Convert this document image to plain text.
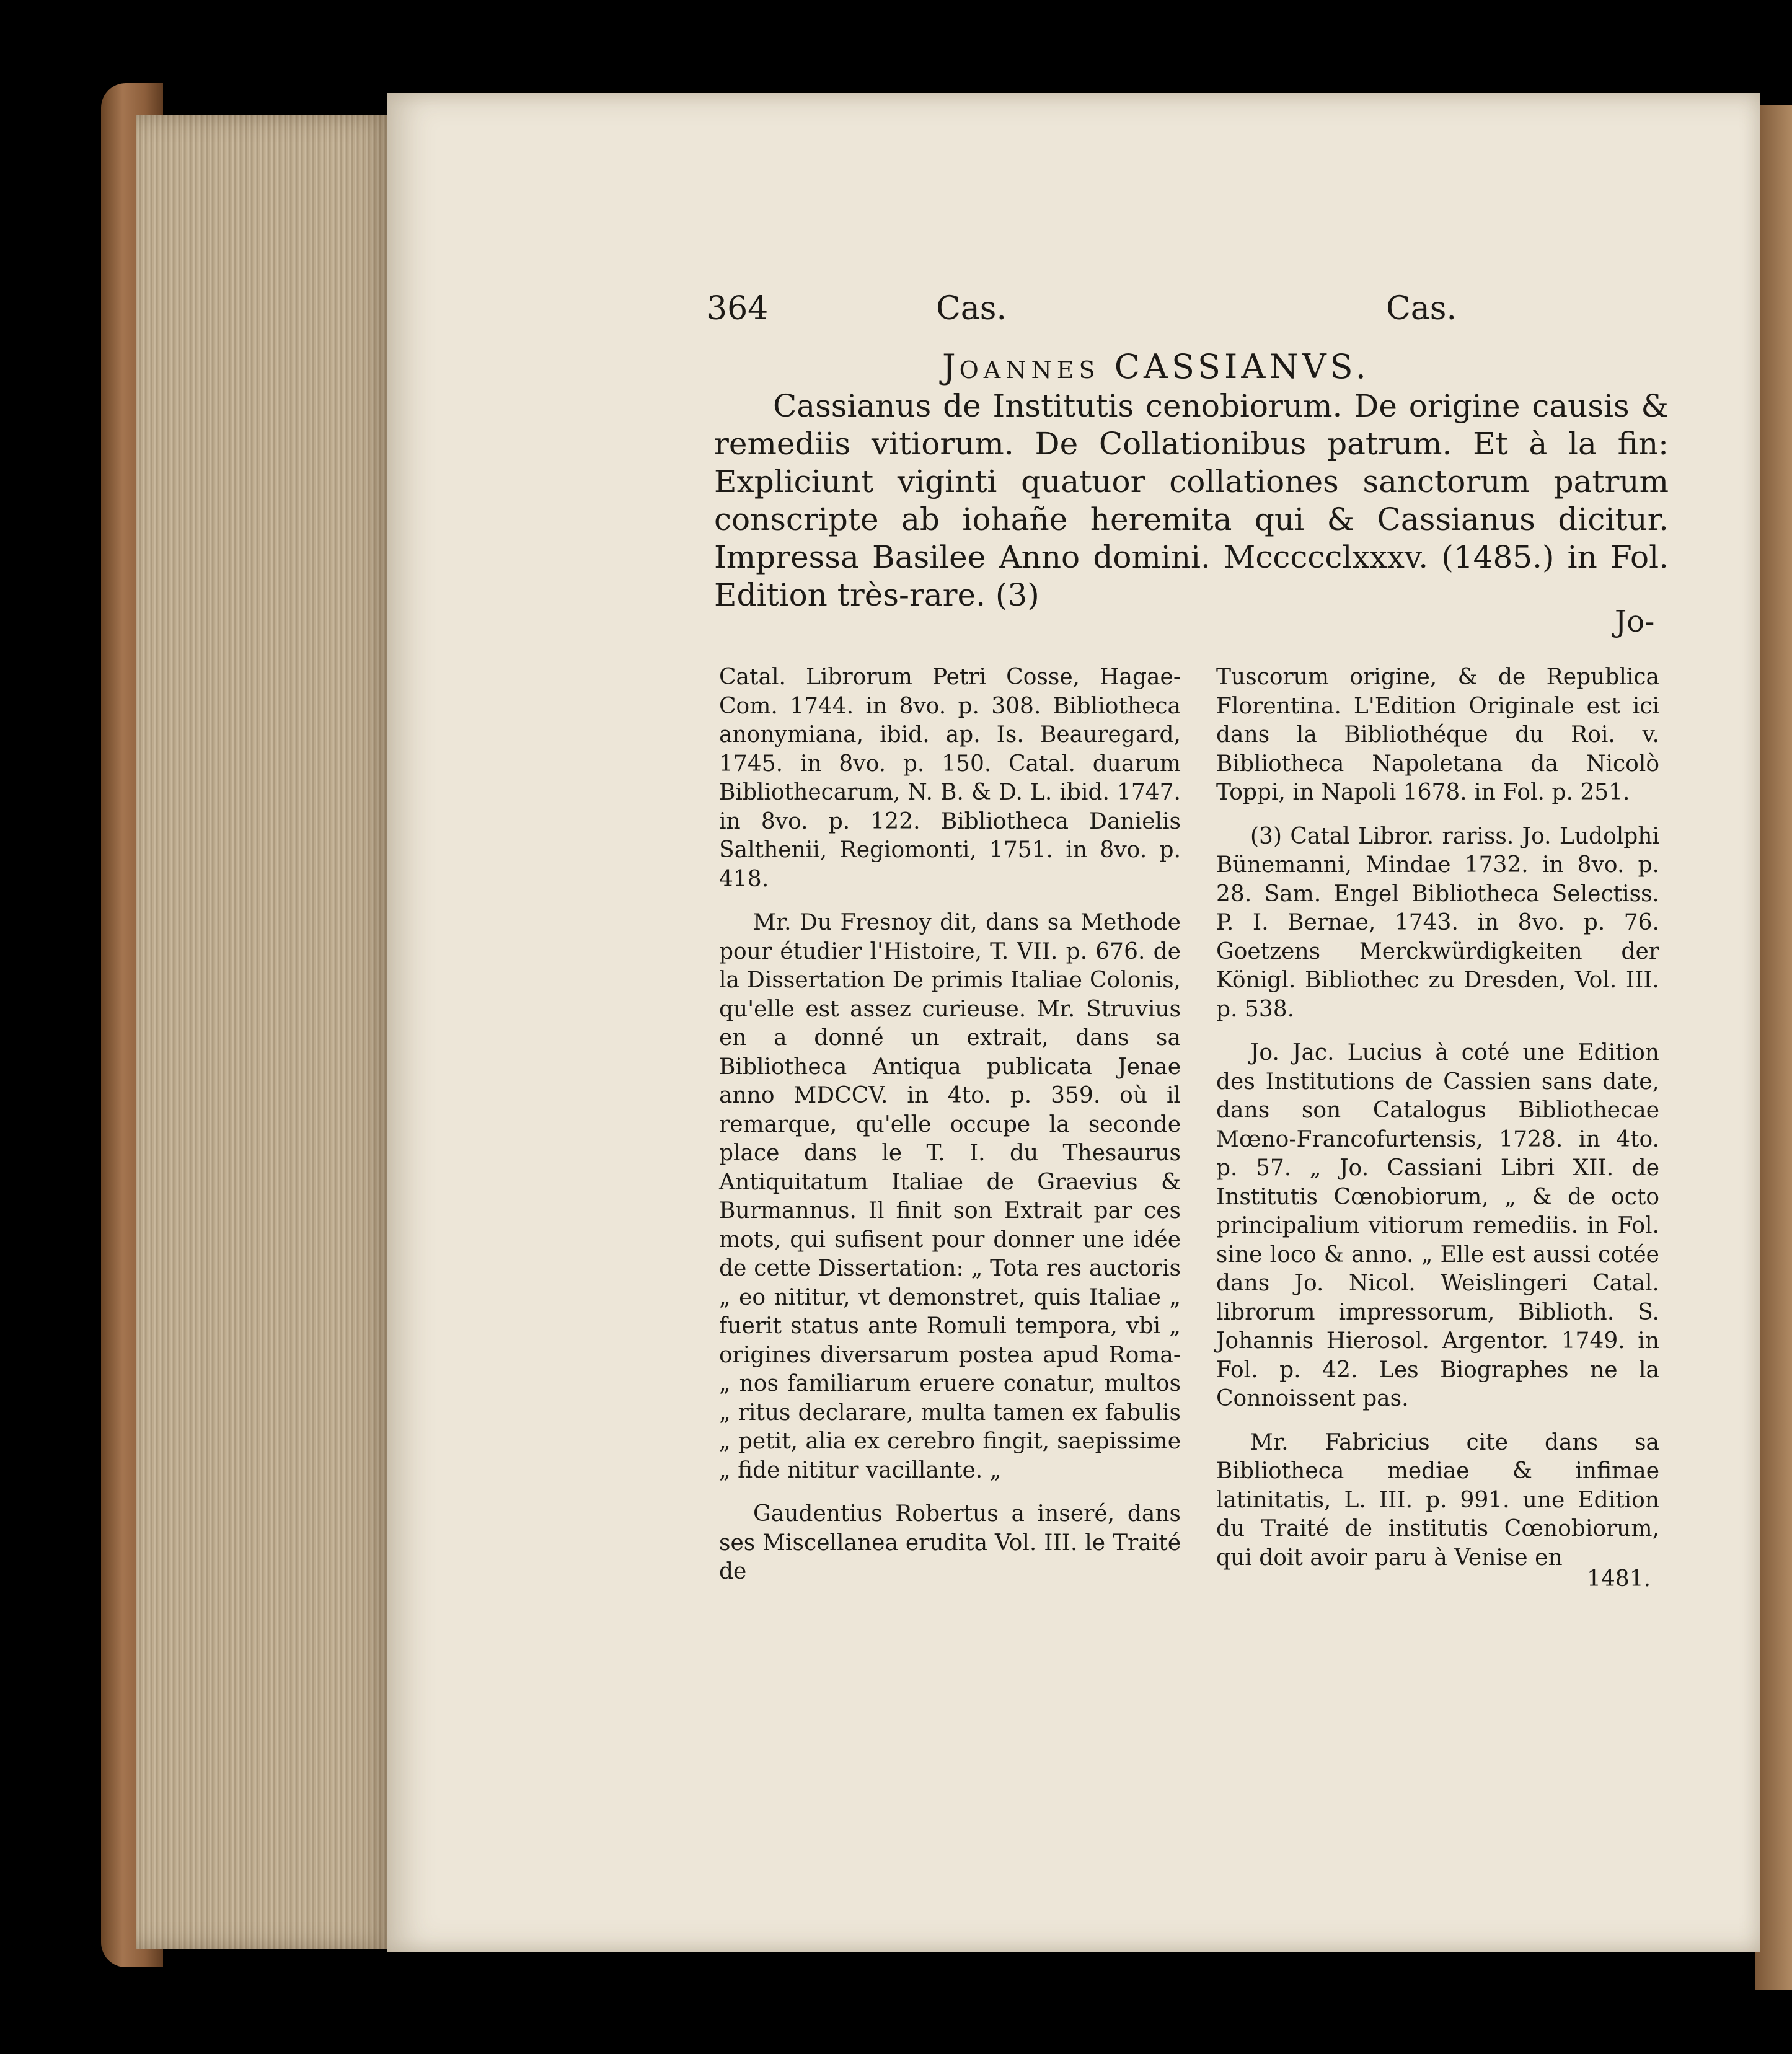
364	Cas.	Cas.
JOANNES CASSIANVS.

Cassianus de Institutis cenobiorum. De origine causis & remediis vitiorum. De Collationibus patrum. Et à la fin: Expliciunt viginti quatuor collationes sanctorum patrum conscripte ab iohañe heremita qui & Cassianus dicitur. Impressa Basilee Anno domini. Mccccclxxxv. (1485.) in Fol. Edition très-rare. (3)

Jo-

Catal. Librorum Petri Cosse, Hagae-Com. 1744. in 8vo. p. 308. Bibliotheca anonymiana, ibid. ap. Is. Beauregard, 1745. in 8vo. p. 150. Catal. duarum Bibliothecarum, N. B. & D. L. ibid. 1747. in 8vo. p. 122. Bibliotheca Danielis Salthenii, Regiomonti, 1751. in 8vo. p. 418.

Mr. Du Fresnoy dit, dans sa Methode pour étudier l'Histoire, T. VII. p. 676. de la Dissertation De primis Italiae Colonis, qu'elle est assez curieuse. Mr. Struvius en a donné un extrait, dans sa Bibliotheca Antiqua publicata Jenae anno MDCCV. in 4to. p. 359. où il remarque, qu'elle occupe la seconde place dans le T. I. du Thesaurus Antiquitatum Italiae de Graevius & Burmannus. Il finit son Extrait par ces mots, qui sufisent pour donner une idée de cette Dissertation: „ Tota res auctoris „ eo nititur, vt demonstret, quis Italiae „ fuerit status ante Romuli tempora, vbi „ origines diversarum postea apud Roma- „ nos familiarum eruere conatur, multos „ ritus declarare, multa tamen ex fabulis „ petit, alia ex cerebro fingit, saepissime „ fide nititur vacillante. „

Gaudentius Robertus a inseré, dans ses Miscellanea erudita Vol. III. le Traité de

Tuscorum origine, & de Republica Florentina. L'Edition Originale est ici dans la Bibliothéque du Roi. v. Bibliotheca Napoletana da Nicolò Toppi, in Napoli 1678. in Fol. p. 251.

(3) Catal Libror. rariss. Jo. Ludolphi Bünemanni, Mindae 1732. in 8vo. p. 28. Sam. Engel Bibliotheca Selectiss. P. I. Bernae, 1743. in 8vo. p. 76. Goetzens Merckwürdigkeiten der Königl. Bibliothec zu Dresden, Vol. III. p. 538.

Jo. Jac. Lucius à coté une Edition des Institutions de Cassien sans date, dans son Catalogus Bibliothecae Mœno-Francofurtensis, 1728. in 4to. p. 57. „ Jo. Cassiani Libri XII. de Institutis Cœnobiorum, „ & de octo principalium vitiorum remediis. in Fol. sine loco & anno. „ Elle est aussi cotée dans Jo. Nicol. Weislingeri Catal. librorum impressorum, Biblioth. S. Johannis Hierosol. Argentor. 1749. in Fol. p. 42. Les Biographes ne la Connoissent pas.

Mr. Fabricius cite dans sa Bibliotheca mediae & infimae latinitatis, L. III. p. 991. une Edition du Traité de institutis Cœnobiorum, qui doit avoir paru à Venise en

1481.
